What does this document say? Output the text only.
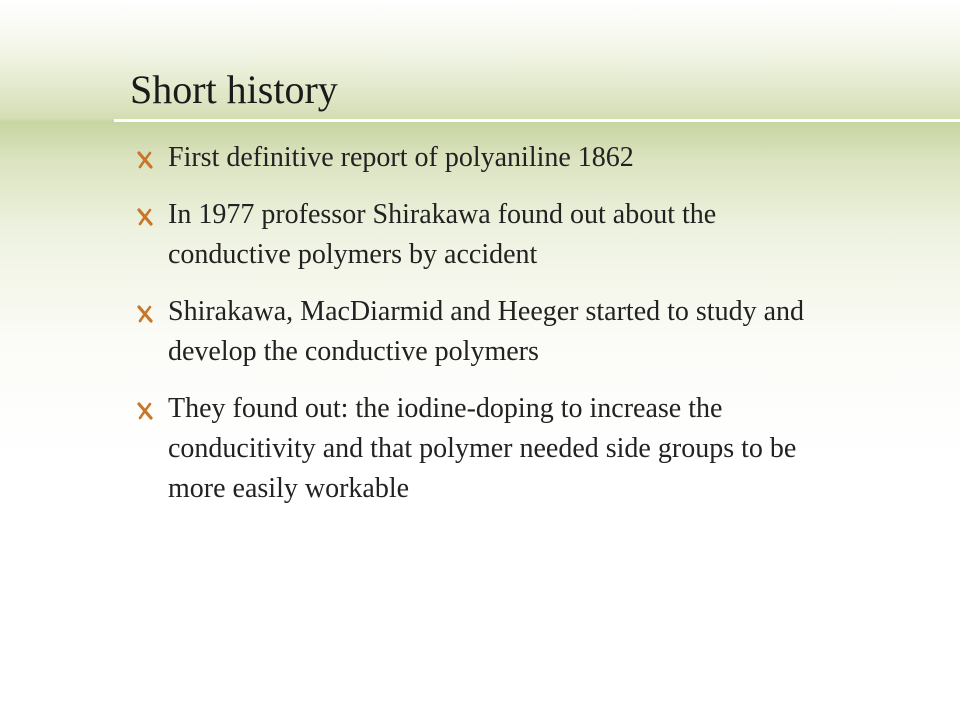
Short history
First definitive report of polyaniline 1862
In 1977 professor Shirakawa found out about the conductive polymers by accident
Shirakawa, MacDiarmid and Heeger started to study and develop the conductive polymers
They found out: the iodine-doping to increase the conducitivity and that polymer needed side groups to be more easily workable
